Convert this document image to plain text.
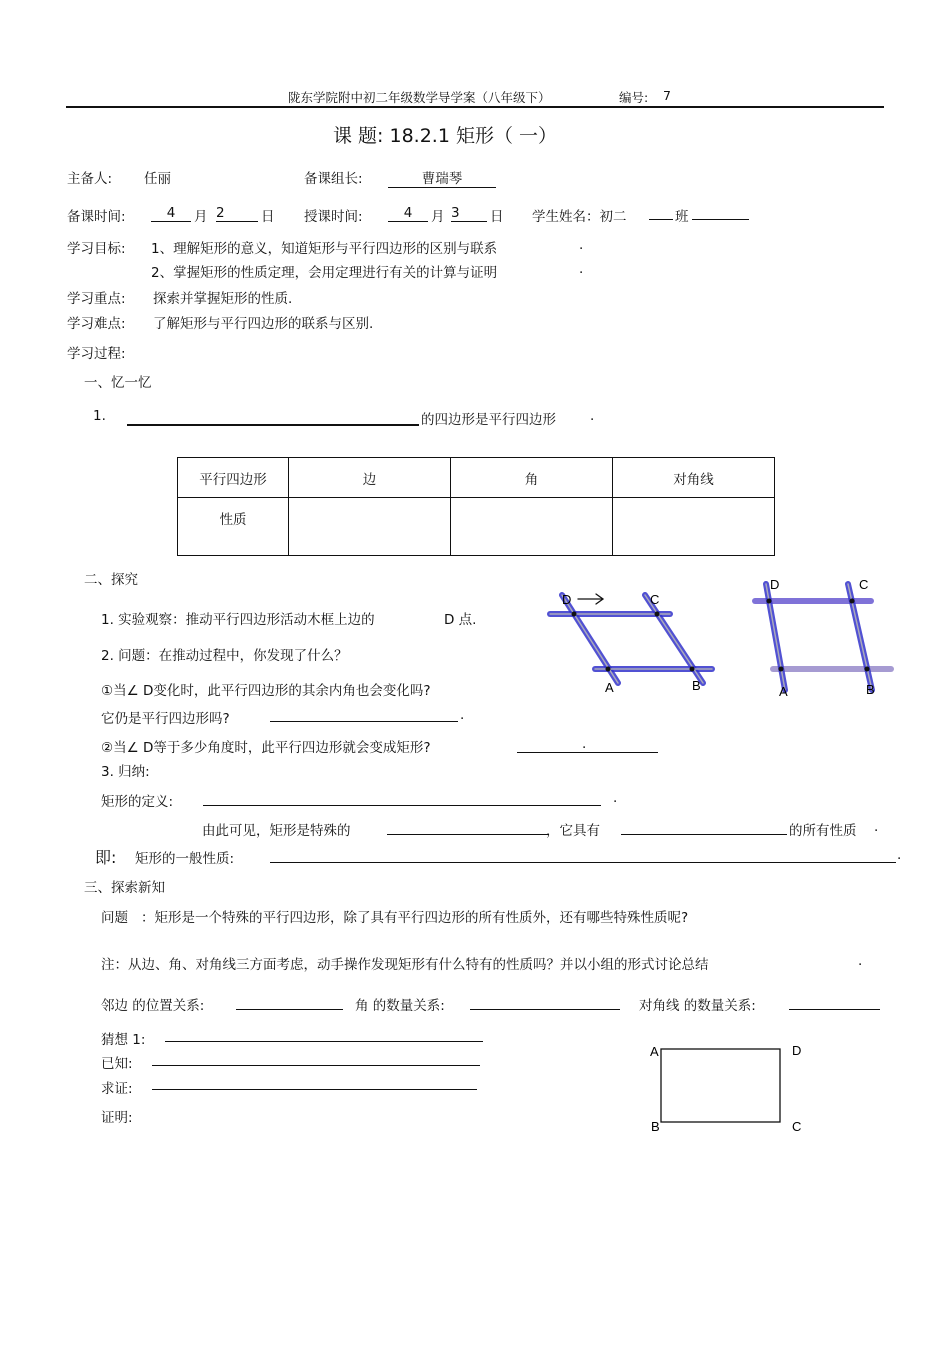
陇东学院附中初二年级数学导学案（八年级下）	编号: 7
课 题: 18.2.1 矩形（ 一）
主备人: 任丽	备课组长:	曹瑞琴
备课时间:	4	月 2	日 授课时间:	4	月 3	日 学生姓名：初二	班
学习目标: 1、理解矩形的意义，知道矩形与平行四边形的区别与联系	.
2、掌握矩形的性质定理，会用定理进行有关的计算与证明	.
学习重点: 探索并掌握矩形的性质.
学习难点: 了解矩形与平行四边形的联系与区别.
学习过程:
一、忆一忆
1.	的四边形是平行四边形	.
平行四边形	边	角	对角线
性质			
二、探究
1. 实验观察：推动平行四边形活动木框上边的	D 点.
2. 问题：在推动过程中，你发现了什么？
①当∠ D变化时，此平行四边形的其余内角也会变化吗?
它仍是平行四边形吗?	.
②当∠ D等于多少角度时，此平行四边形就会变成矩形?	.
3. 归纳:
矩形的定义:	.
由此可见，矩形是特殊的	，它具有	的所有性质 .
即: 矩形的一般性质:	.
D	C
A	B
D	C
A	B
三、探索新知
问题 ：矩形是一个特殊的平行四边形，除了具有平行四边形的所有性质外，还有哪些特殊性质呢?
注：从边、角、对角线三方面考虑，动手操作发现矩形有什么特有的性质吗？并以小组的形式讨论总结	.
邻边 的位置关系:	角 的数量关系:	对角线 的数量关系:
猜想 1:
已知:
求证:
证明:
A	D
B	C
